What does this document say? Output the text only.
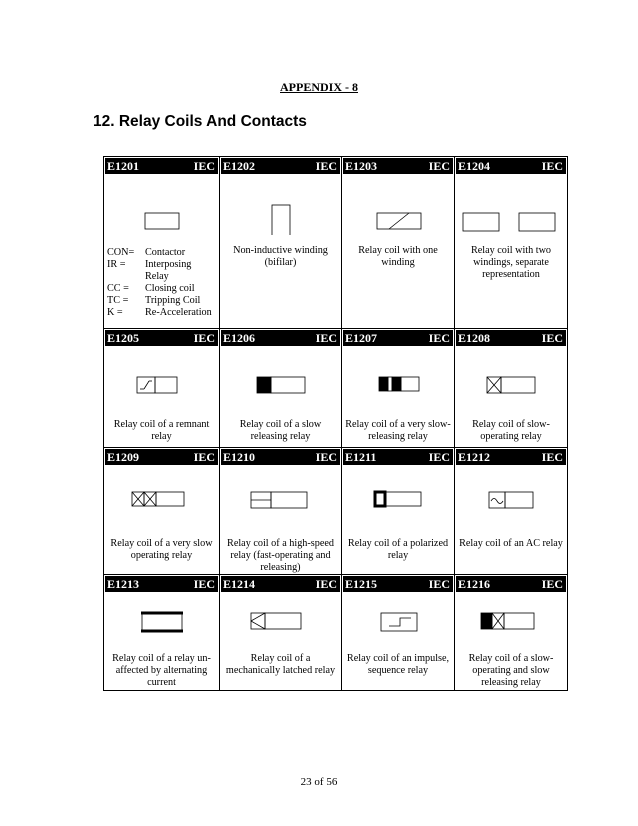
APPENDIX - 8
12. Relay Coils And Contacts
E1201	IEC
CON=	Contactor
IR =	Interposing Relay
CC =	Closing coil
TC =	Tripping Coil
K =	Re-Acceleration
E1202	IEC
Non-inductive winding (bifilar)
E1203	IEC
Relay coil with one winding
E1204	IEC
Relay coil with two windings, separate representation
E1205	IEC
Relay coil of a remnant relay
E1206	IEC
Relay coil of a slow releasing relay
E1207	IEC
Relay coil of a very slow-releasing relay
E1208	IEC
Relay coil of slow-operating relay
E1209	IEC
Relay coil of a very slow operating relay
E1210	IEC
Relay coil of a high-speed relay (fast-operating and releasing)
E1211	IEC
Relay coil of a polarized relay
E1212	IEC
Relay coil of an AC relay
E1213	IEC
Relay coil of a relay un-affected by alternating current
E1214	IEC
Relay coil of a mechanically latched relay
E1215	IEC
Relay coil of an impulse, sequence relay
E1216	IEC
Relay coil of a slow-operating and slow releasing relay
23 of 56
